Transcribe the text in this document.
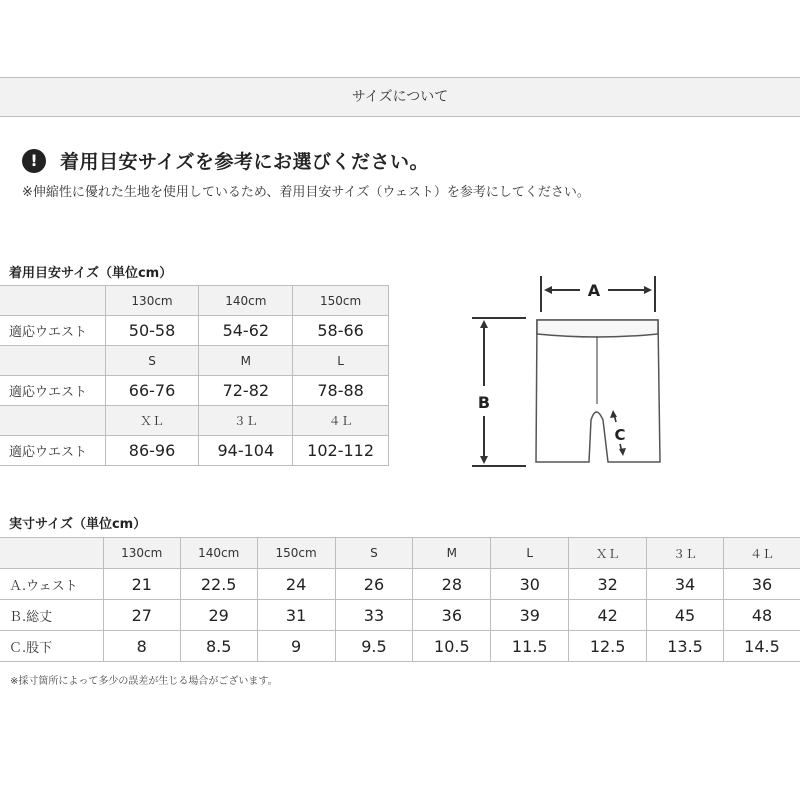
サイズについて
!	着用目安サイズを参考にお選びください。
※伸縮性に優れた生地を使用しているため、着用目安サイズ（ウェスト）を参考にしてください。
着用目安サイズ（単位cm）
	130cm	140cm	150cm
適応ウエスト	50-58	54-62	58-66
	S	M	L
適応ウエスト	66-76	72-82	78-88
	ＸＬ	３Ｌ	４Ｌ
適応ウエスト	86-96	94-104	102-112
A
B
C
実寸サイズ（単位cm）
	130cm	140cm	150cm	S	M	L	ＸＬ	３Ｌ	４Ｌ
Ａ.ウェスト	21	22.5	24	26	28	30	32	34	36
Ｂ.総丈	27	29	31	33	36	39	42	45	48
Ｃ.股下	8	8.5	9	9.5	10.5	11.5	12.5	13.5	14.5
※採寸箇所によって多少の誤差が生じる場合がございます。
